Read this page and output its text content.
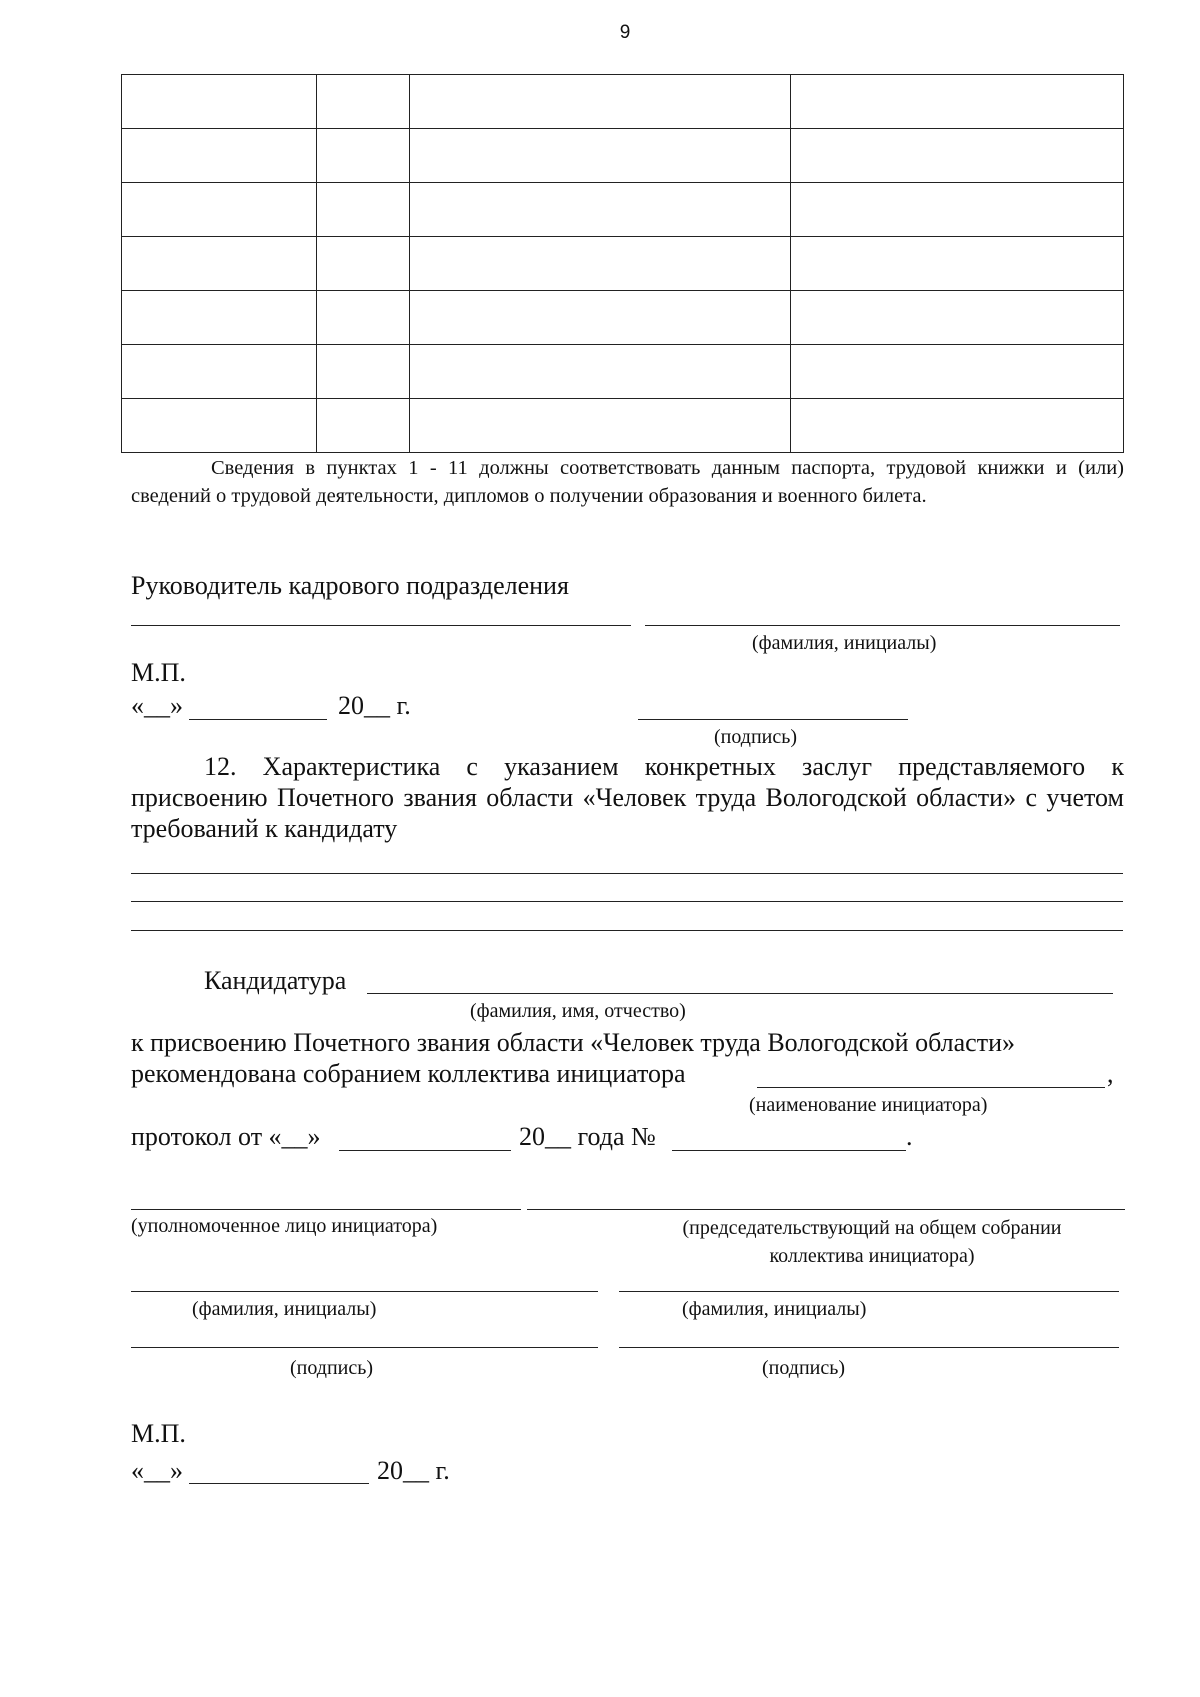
9

Сведения в пунктах 1 - 11 должны соответствовать данным паспорта, трудовой книжки и (или) сведений о трудовой деятельности, дипломов о получении образования и военного билета.
Руководитель кадрового подразделения
(фамилия, инициалы)
М.П.
«__»	20__ г.
(подпись)
12. Характеристика с указанием конкретных заслуг представляемого к присвоению Почетного звания области «Человек труда Вологодской области» с учетом требований к кандидату
Кандидатура
(фамилия, имя, отчество)
к присвоению Почетного звания области «Человек труда Вологодской области»
рекомендована собранием коллектива инициатора	,
(наименование инициатора)
протокол от «__»	20__ года №	.
(уполномоченное лицо инициатора)	(председательствующий на общем собрании коллектива инициатора)
(фамилия, инициалы)	(фамилия, инициалы)
(подпись)	(подпись)
М.П.
«__»	20__ г.
